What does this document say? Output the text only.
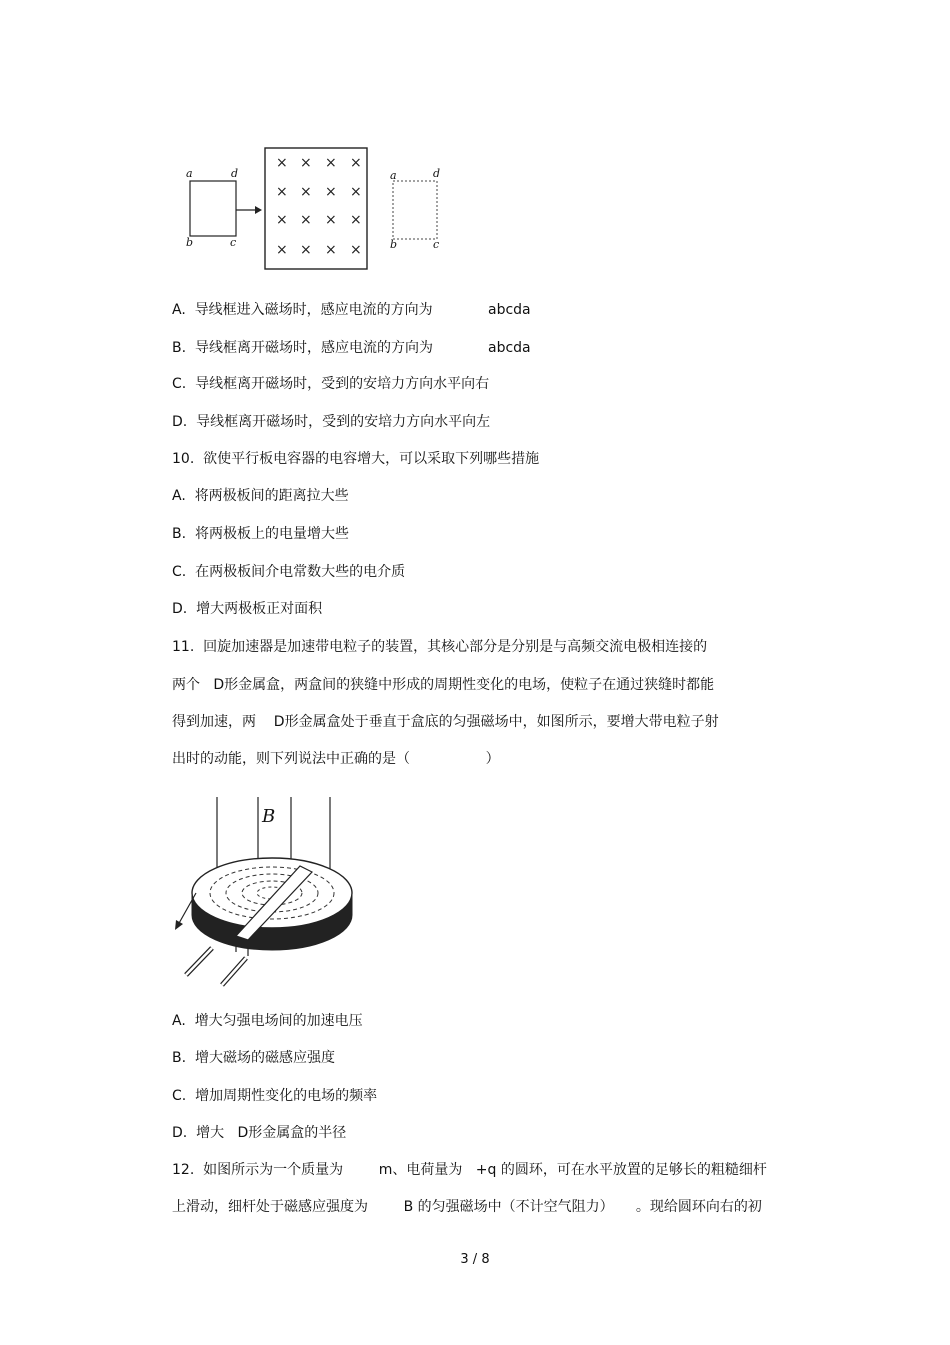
× × × ×
× × × ×
× × × ×
× × × ×
a	d
b	c
a	d
b	c
A. 导线框进入磁场时，感应电流的方向为	abcda
B. 导线框离开磁场时，感应电流的方向为	abcda
C. 导线框离开磁场时，受到的安培力方向水平向右
D. 导线框离开磁场时，受到的安培力方向水平向左
10.  欲使平行板电容器的电容增大，可以采取下列哪些措施
A. 将两极板间的距离拉大些
B. 将两极板上的电量增大些
C. 在两极板间介电常数大些的电介质
D. 增大两极板正对面积
11.  回旋加速器是加速带电粒子的装置，其核心部分是分别是与高频交流电极相连接的
两个   D形金属盒，两盒间的狭缝中形成的周期性变化的电场，使粒子在通过狭缝时都能
得到加速，两    D形金属盒处于垂直于盒底的匀强磁场中，如图所示，要增大带电粒子射
出时的动能，则下列说法中正确的是（                 ）
B
A. 增大匀强电场间的加速电压
B. 增大磁场的磁感应强度
C. 增加周期性变化的电场的频率
D. 增大   D形金属盒的半径
12.  如图所示为一个质量为        m、电荷量为   +q 的圆环，可在水平放置的足够长的粗糙细杆
上滑动，细杆处于磁感应强度为        B 的匀强磁场中（不计空气阻力）     。现给圆环向右的初
3 / 8
